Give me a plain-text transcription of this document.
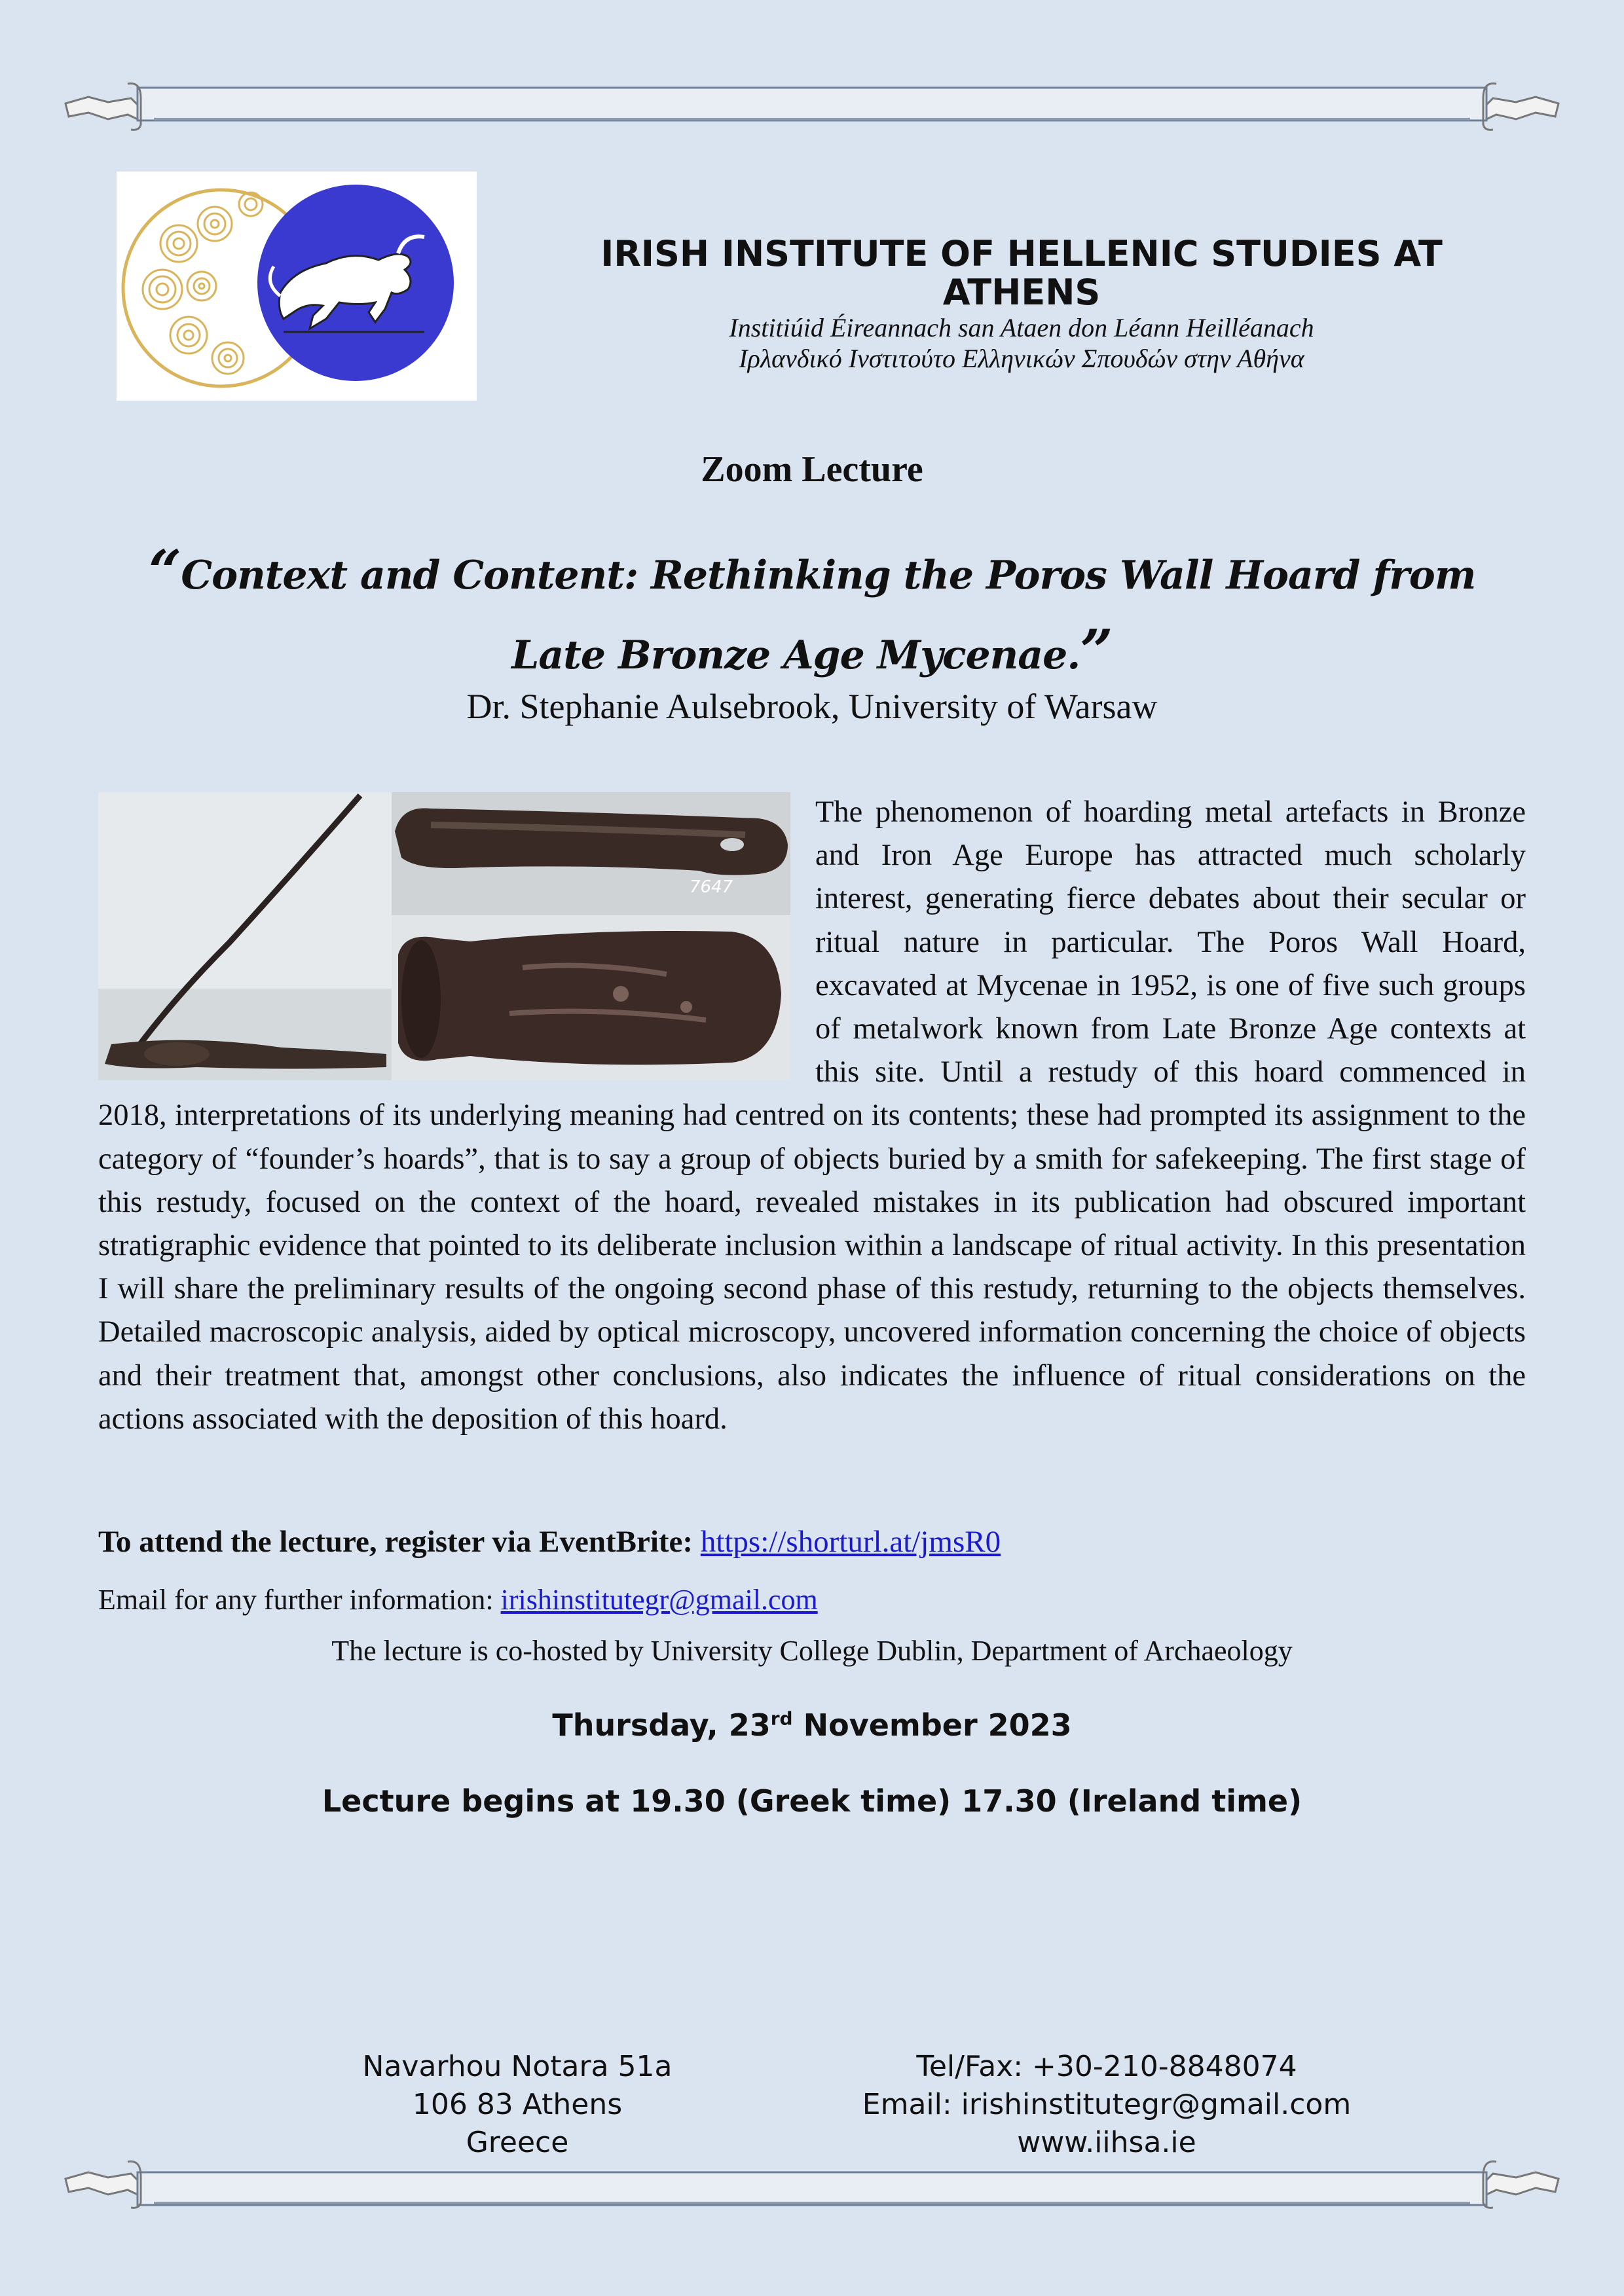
IRISH INSTITUTE OF HELLENIC STUDIES AT ATHENS
Institiúid Éireannach san Ataen don Léann Heilléanach
Ιρλανδικό Ινστιτούτο Ελληνικών Σπουδών στην Αθήνα
Zoom Lecture
“Context and Content: Rethinking the Poros Wall Hoard from Late Bronze Age Mycenae.”
Dr. Stephanie Aulsebrook, University of Warsaw
7647
The phenomenon of hoarding metal artefacts in Bronze and Iron Age Europe has attracted much scholarly interest, generating fierce debates about their secular or ritual nature in particular. The Poros Wall Hoard, excavated at Mycenae in 1952, is one of five such groups of metalwork known from Late Bronze Age contexts at this site. Until a restudy of this hoard commenced in 2018, interpretations of its underlying meaning had centred on its contents; these had prompted its assignment to the category of “founder’s hoards”, that is to say a group of objects buried by a smith for safekeeping. The first stage of this restudy, focused on the context of the hoard, revealed mistakes in its publication had obscured important stratigraphic evidence that pointed to its deliberate inclusion within a landscape of ritual activity. In this presentation I will share the preliminary results of the ongoing second phase of this restudy, returning to the objects themselves. Detailed macroscopic analysis, aided by optical microscopy, uncovered information concerning the choice of objects and their treatment that, amongst other conclusions, also indicates the influence of ritual considerations on the actions associated with the deposition of this hoard.
To attend the lecture, register via EventBrite: https://shorturl.at/jmsR0
Email for any further information: irishinstitutegr@gmail.com
The lecture is co-hosted by University College Dublin, Department of Archaeology
Thursday, 23rd November 2023
Lecture begins at 19.30 (Greek time) 17.30 (Ireland time)
Navarhou Notara 51a
106 83 Athens
Greece
Tel/Fax: +30-210-8848074
Email: irishinstitutegr@gmail.com
www.iihsa.ie
